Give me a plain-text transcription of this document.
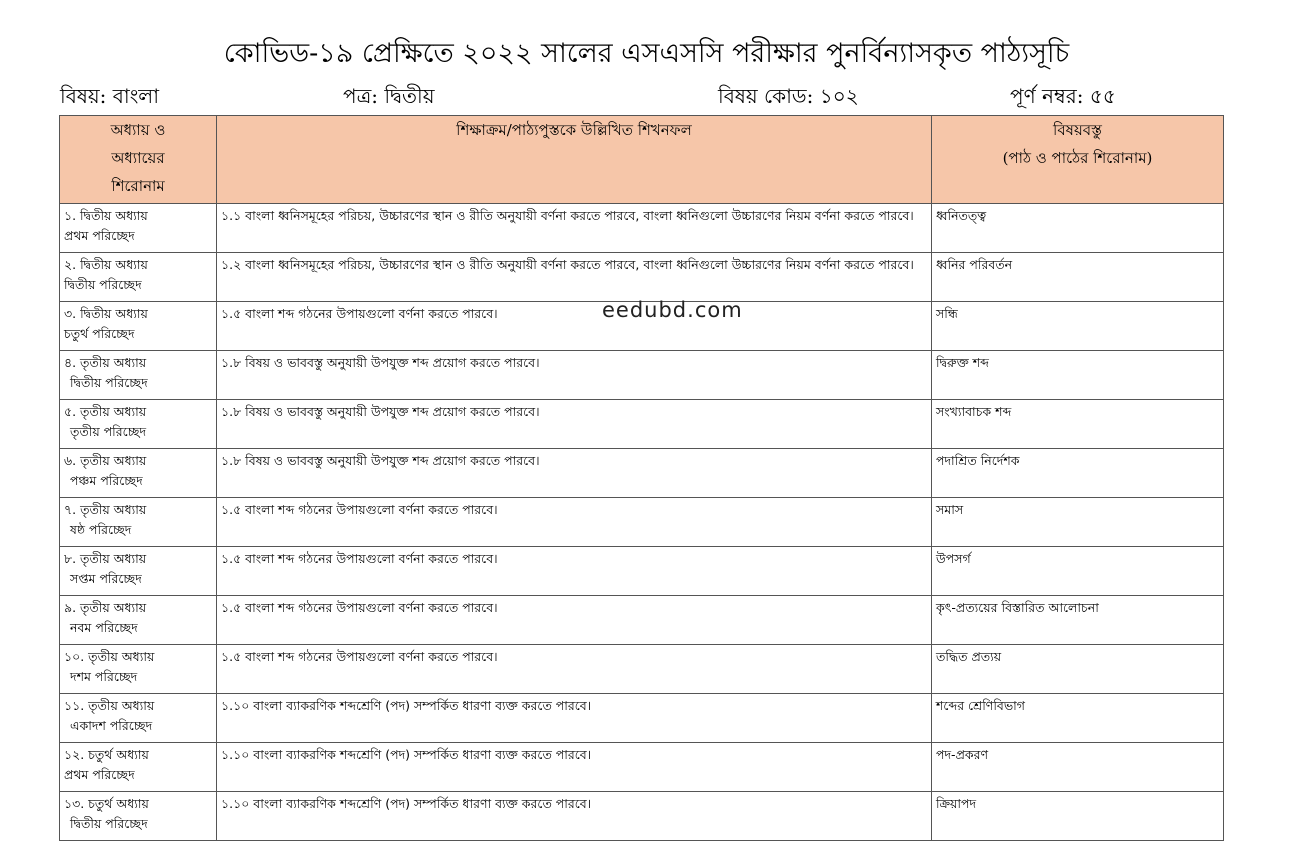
কোভিড-১৯ প্রেক্ষিতে ২০২২ সালের এসএসসি পরীক্ষার পুনর্বিন্যাসকৃত পাঠ্যসূচি
বিষয়: বাংলা	পত্র: দ্বিতীয়	বিষয় কোড: ১০২	পূর্ণ নম্বর: ৫৫
অধ্যায় ও
অধ্যায়ের
শিরোনাম	শিক্ষাক্রম/পাঠ্যপুস্তকে উল্লিখিত শিখনফল	বিষয়বস্তু
(পাঠ ও পাঠের শিরোনাম)

১. দ্বিতীয় অধ্যায়
প্রথম পরিচ্ছেদ	১.১ বাংলা ধ্বনিসমূহের পরিচয়, উচ্চারণের স্থান ও রীতি অনুযায়ী বর্ণনা করতে পারবে, বাংলা ধ্বনিগুলো উচ্চারণের নিয়ম বর্ণনা করতে পারবে।	ধ্বনিতত্ত্ব

২. দ্বিতীয় অধ্যায়
দ্বিতীয় পরিচ্ছেদ	১.২ বাংলা ধ্বনিসমূহের পরিচয়, উচ্চারণের স্থান ও রীতি অনুযায়ী বর্ণনা করতে পারবে, বাংলা ধ্বনিগুলো উচ্চারণের নিয়ম বর্ণনা করতে পারবে।	ধ্বনির পরিবর্তন

৩. দ্বিতীয় অধ্যায়
চতুর্থ পরিচ্ছেদ	১.৫ বাংলা শব্দ গঠনের উপায়গুলো বর্ণনা করতে পারবে।	সন্ধি

৪. তৃতীয় অধ্যায়
দ্বিতীয় পরিচ্ছেদ	১.৮ বিষয় ও ভাববস্তু অনুযায়ী উপযুক্ত শব্দ প্রয়োগ করতে পারবে।	দ্বিরুক্ত শব্দ

৫. তৃতীয় অধ্যায়
তৃতীয় পরিচ্ছেদ	১.৮ বিষয় ও ভাববস্তু অনুযায়ী উপযুক্ত শব্দ প্রয়োগ করতে পারবে।	সংখ্যাবাচক শব্দ

৬. তৃতীয় অধ্যায়
পঞ্চম পরিচ্ছেদ	১.৮ বিষয় ও ভাববস্তু অনুযায়ী উপযুক্ত শব্দ প্রয়োগ করতে পারবে।	পদাশ্রিত নির্দেশক

৭. তৃতীয় অধ্যায়
ষষ্ঠ পরিচ্ছেদ	১.৫ বাংলা শব্দ গঠনের উপায়গুলো বর্ণনা করতে পারবে।	সমাস

৮. তৃতীয় অধ্যায়
সপ্তম পরিচ্ছেদ	১.৫ বাংলা শব্দ গঠনের উপায়গুলো বর্ণনা করতে পারবে।	উপসর্গ

৯. তৃতীয় অধ্যায়
নবম পরিচ্ছেদ	১.৫ বাংলা শব্দ গঠনের উপায়গুলো বর্ণনা করতে পারবে।	কৃৎ-প্রত্যয়ের বিস্তারিত আলোচনা

১০. তৃতীয় অধ্যায়
দশম পরিচ্ছেদ	১.৫ বাংলা শব্দ গঠনের উপায়গুলো বর্ণনা করতে পারবে।	তদ্ধিত প্রত্যয়

১১. তৃতীয় অধ্যায়
একাদশ পরিচ্ছেদ	১.১০ বাংলা ব্যাকরণিক শব্দশ্রেণি (পদ) সম্পর্কিত ধারণা ব্যক্ত করতে পারবে।	শব্দের শ্রেণিবিভাগ

১২. চতুর্থ অধ্যায়
প্রথম পরিচ্ছেদ	১.১০ বাংলা ব্যাকরণিক শব্দশ্রেণি (পদ) সম্পর্কিত ধারণা ব্যক্ত করতে পারবে।	পদ-প্রকরণ

১৩. চতুর্থ অধ্যায়
দ্বিতীয় পরিচ্ছেদ	১.১০ বাংলা ব্যাকরণিক শব্দশ্রেণি (পদ) সম্পর্কিত ধারণা ব্যক্ত করতে পারবে।	ক্রিয়াপদ
eedubd.com
